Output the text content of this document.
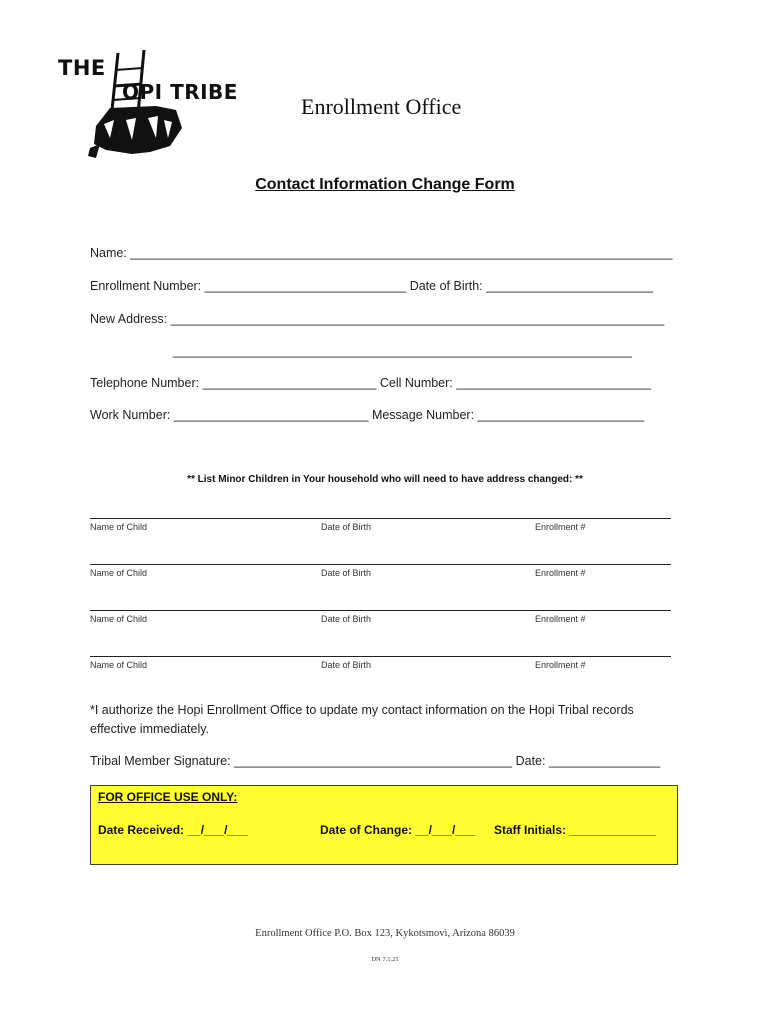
THE
OPI TRIBE
Enrollment Office
Contact Information Change Form
Name: ______________________________________________________________________________
Enrollment Number: _____________________________ Date of Birth: ________________________
New Address: _______________________________________________________________________
__________________________________________________________________
Telephone Number: _________________________ Cell Number: ____________________________
Work Number: ____________________________ Message Number: ________________________
** List Minor Children in Your household who will need to have address changed: **
Name of Child	Date of Birth	Enrollment #
Name of Child	Date of Birth	Enrollment #
Name of Child	Date of Birth	Enrollment #
Name of Child	Date of Birth	Enrollment #
*I authorize the Hopi Enrollment Office to update my contact information on the Hopi Tribal records effective immediately.
Tribal Member Signature: ________________________________________ Date: ________________
FOR OFFICE USE ONLY:
Date Received: __/___/___	Date of Change: __/___/___ Staff Initials: _____________
Enrollment Office P.O. Box 123, Kykotsmovi, Arizona 86039
DN 7.1.21
